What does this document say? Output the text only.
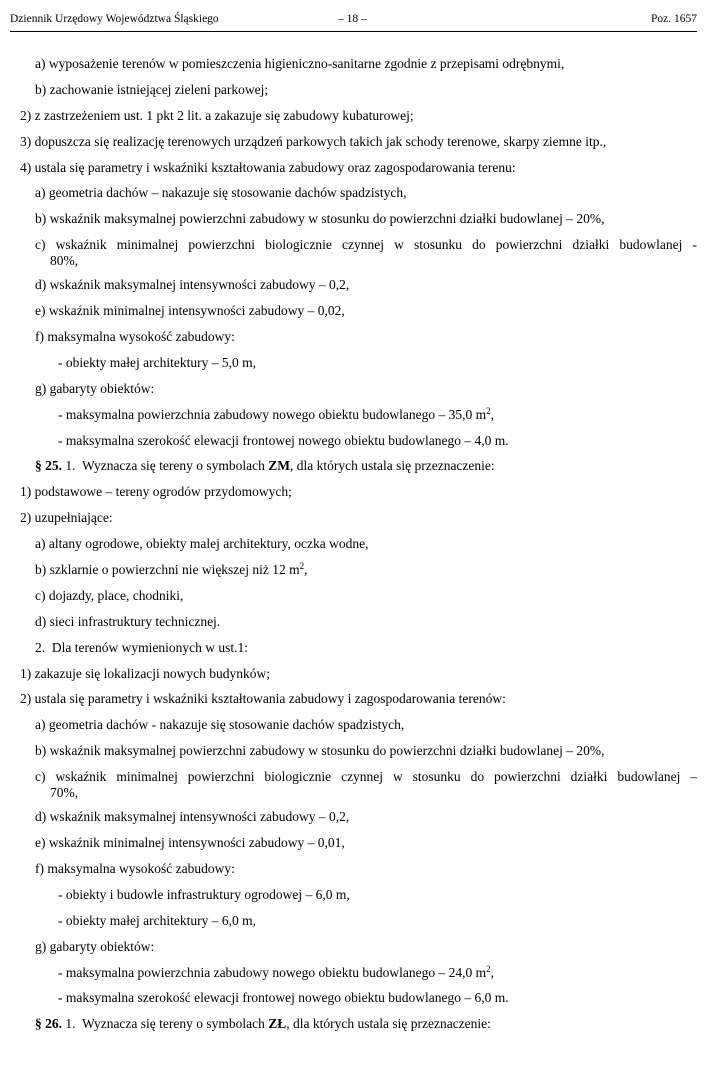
Dziennik Urzędowy Województwa Śląskiego	– 18 –	Poz. 1657
a) wyposażenie terenów w pomieszczenia higieniczno-sanitarne zgodnie z przepisami odrębnymi,
b) zachowanie istniejącej zieleni parkowej;
2) z zastrzeżeniem ust. 1 pkt 2 lit. a zakazuje się zabudowy kubaturowej;
3) dopuszcza się realizację terenowych urządzeń parkowych takich jak schody terenowe, skarpy ziemne itp.,
4) ustala się parametry i wskaźniki kształtowania zabudowy oraz zagospodarowania terenu:
a) geometria dachów – nakazuje się stosowanie dachów spadzistych,
b) wskaźnik maksymalnej powierzchni zabudowy w stosunku do powierzchni działki budowlanej – 20%,
c) wskaźnik minimalnej powierzchni biologicznie czynnej w stosunku do powierzchni działki budowlanej -
80%,
d) wskaźnik maksymalnej intensywności zabudowy – 0,2,
e) wskaźnik minimalnej intensywności zabudowy – 0,02,
f) maksymalna wysokość zabudowy:
- obiekty małej architektury – 5,0 m,
g) gabaryty obiektów:
- maksymalna powierzchnia zabudowy nowego obiektu budowlanego – 35,0 $m^2$,
- maksymalna szerokość elewacji frontowej nowego obiektu budowlanego – 4,0 m.
§ 25. 1. Wyznacza się tereny o symbolach ZM, dla których ustala się przeznaczenie:
1) podstawowe – tereny ogrodów przydomowych;
2) uzupełniające:
a) altany ogrodowe, obiekty malej architektury, oczka wodne,
b) szklarnie o powierzchni nie większej niż 12 $m^2$,
c) dojazdy, place, chodniki,
d) sieci infrastruktury technicznej.
2. Dla terenów wymienionych w ust.1:
1) zakazuje się lokalizacji nowych budynków;
2) ustala się parametry i wskaźniki kształtowania zabudowy i zagospodarowania terenów:
a) geometria dachów - nakazuje się stosowanie dachów spadzistych,
b) wskaźnik maksymalnej powierzchni zabudowy w stosunku do powierzchni działki budowlanej – 20%,
c) wskaźnik minimalnej powierzchni biologicznie czynnej w stosunku do powierzchni działki budowlanej –
70%,
d) wskaźnik maksymalnej intensywności zabudowy – 0,2,
e) wskaźnik minimalnej intensywności zabudowy – 0,01,
f) maksymalna wysokość zabudowy:
- obiekty i budowle infrastruktury ogrodowej – 6,0 m,
- obiekty małej architektury – 6,0 m,
g) gabaryty obiektów:
- maksymalna powierzchnia zabudowy nowego obiektu budowlanego – 24,0 $m^2$,
- maksymalna szerokość elewacji frontowej nowego obiektu budowlanego – 6,0 m.
§ 26. 1. Wyznacza się tereny o symbolach ZŁ, dla których ustala się przeznaczenie:
